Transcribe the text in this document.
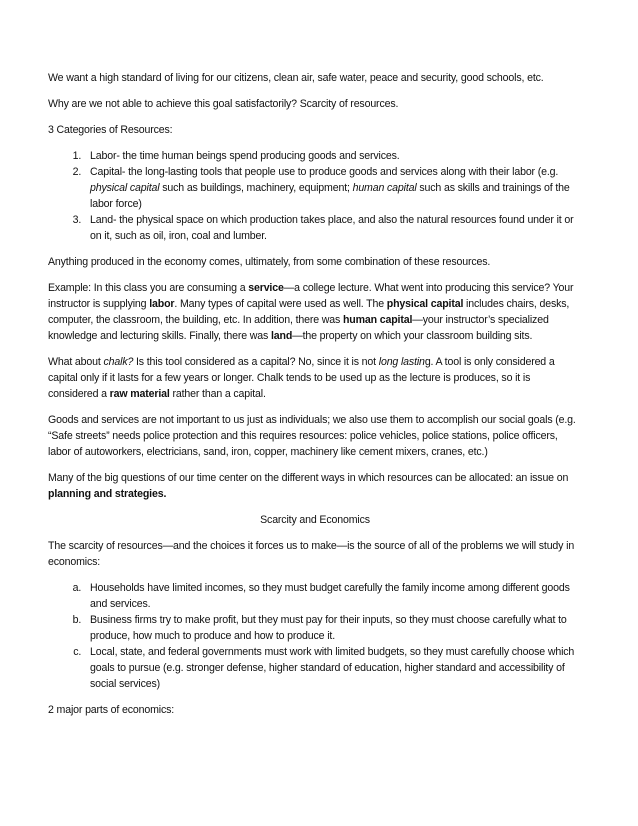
We want a high standard of living for our citizens, clean air, safe water, peace and security, good schools, etc.

Why are we not able to achieve this goal satisfactorily? Scarcity of resources.

3 Categories of Resources:

1. Labor- the time human beings spend producing goods and services.
2. Capital- the long-lasting tools that people use to produce goods and services along with their labor (e.g.
physical capital such as buildings, machinery, equipment; human capital such as skills and trainings of the labor force)
3. Land- the physical space on which production takes place, and also the natural resources found under it or on it, such as oil, iron, coal and lumber.

Anything produced in the economy comes, ultimately, from some combination of these resources.

Example: In this class you are consuming a service—a college lecture. What went into producing this service? Your instructor is supplying labor. Many types of capital were used as well. The physical capital includes chairs, desks, computer, the classroom, the building, etc. In addition, there was human capital—your instructor’s specialized knowledge and lecturing skills. Finally, there was land—the property on which your classroom building sits.

What about chalk? Is this tool considered as a capital? No, since it is not long lasting. A tool is only considered a capital only if it lasts for a few years or longer. Chalk tends to be used up as the lecture is produces, so it is considered a raw material rather than a capital.

Goods and services are not important to us just as individuals; we also use them to accomplish our social goals (e.g. “Safe streets” needs police protection and this requires resources: police vehicles, police stations, police officers, labor of autoworkers, electricians, sand, iron, copper, machinery like cement mixers, cranes, etc.)

Many of the big questions of our time center on the different ways in which resources can be allocated: an issue on planning and strategies.

Scarcity and Economics

The scarcity of resources—and the choices it forces us to make—is the source of all of the problems we will study in economics:

a. Households have limited incomes, so they must budget carefully the family income among different goods and services.
b. Business firms try to make profit, but they must pay for their inputs, so they must choose carefully what to produce, how much to produce and how to produce it.
c. Local, state, and federal governments must work with limited budgets, so they must carefully choose which goals to pursue (e.g. stronger defense, higher standard of education, higher standard and accessibility of social services)

2 major parts of economics:
